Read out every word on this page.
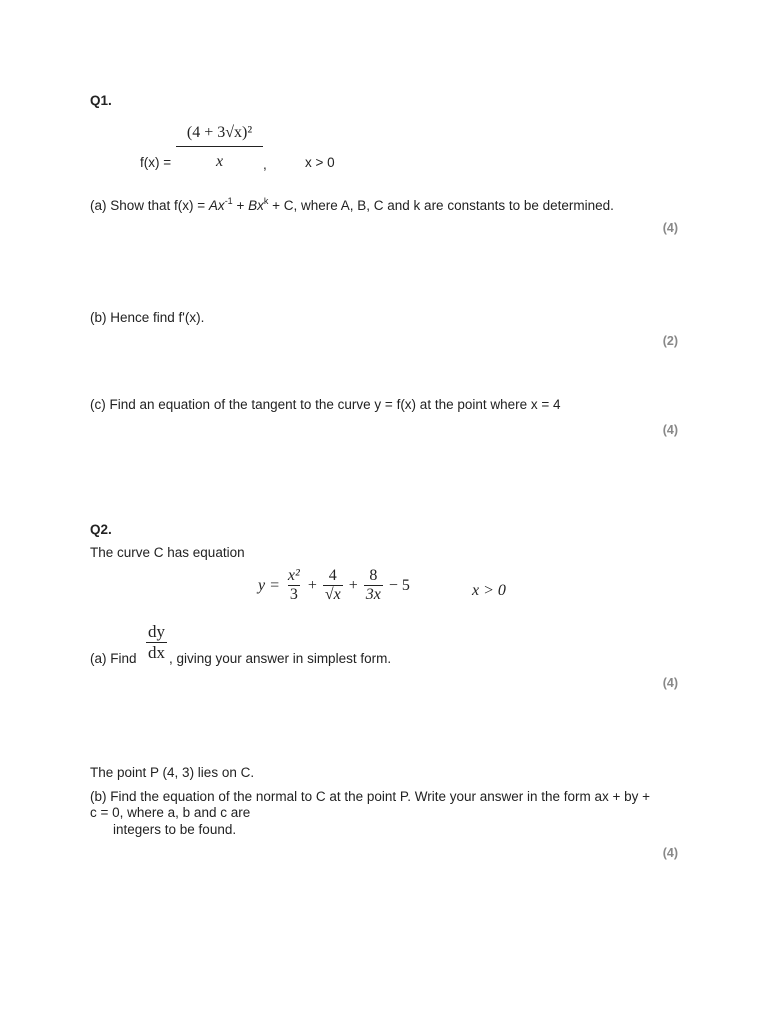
Q1.
$f(x) = \frac{\text{(4 + 3√x)²}}{x}$ ,	x > 0
(a) Show that $f(x) = Ax^{-1} + Bx^k + C$, where A, B, C and k are constants to be determined.
(4)
(b) Hence find f'(x).
(2)
(c) Find an equation of the tangent to the curve y = f(x) at the point where x = 4
(4)
Q2.
The curve C has equation
$y = \frac{\text{x²}}{3} + \frac{4}{√x} + \frac{8}{3x} - 5$	x > 0
(a) Find $\frac{dy}{dx}$ , giving your answer in simplest form.
(4)
The point P (4, 3) lies on C.
(b) Find the equation of the normal to C at the point P. Write your answer in the form ax + by +
c = 0, where a, b and c are
integers to be found.
(4)
